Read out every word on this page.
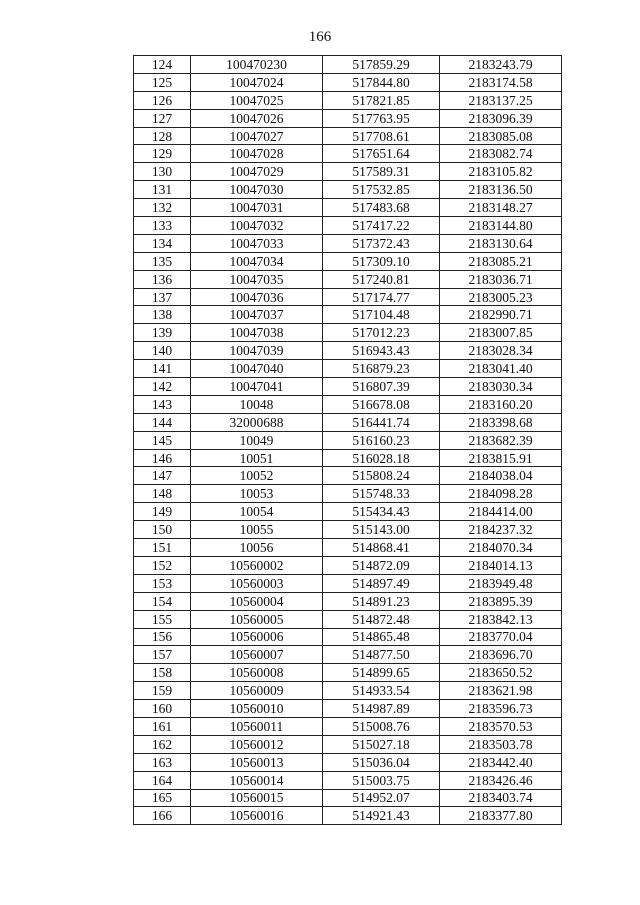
166
124	100470230	517859.29	2183243.79
125	10047024	517844.80	2183174.58
126	10047025	517821.85	2183137.25
127	10047026	517763.95	2183096.39
128	10047027	517708.61	2183085.08
129	10047028	517651.64	2183082.74
130	10047029	517589.31	2183105.82
131	10047030	517532.85	2183136.50
132	10047031	517483.68	2183148.27
133	10047032	517417.22	2183144.80
134	10047033	517372.43	2183130.64
135	10047034	517309.10	2183085.21
136	10047035	517240.81	2183036.71
137	10047036	517174.77	2183005.23
138	10047037	517104.48	2182990.71
139	10047038	517012.23	2183007.85
140	10047039	516943.43	2183028.34
141	10047040	516879.23	2183041.40
142	10047041	516807.39	2183030.34
143	10048	516678.08	2183160.20
144	32000688	516441.74	2183398.68
145	10049	516160.23	2183682.39
146	10051	516028.18	2183815.91
147	10052	515808.24	2184038.04
148	10053	515748.33	2184098.28
149	10054	515434.43	2184414.00
150	10055	515143.00	2184237.32
151	10056	514868.41	2184070.34
152	10560002	514872.09	2184014.13
153	10560003	514897.49	2183949.48
154	10560004	514891.23	2183895.39
155	10560005	514872.48	2183842.13
156	10560006	514865.48	2183770.04
157	10560007	514877.50	2183696.70
158	10560008	514899.65	2183650.52
159	10560009	514933.54	2183621.98
160	10560010	514987.89	2183596.73
161	10560011	515008.76	2183570.53
162	10560012	515027.18	2183503.78
163	10560013	515036.04	2183442.40
164	10560014	515003.75	2183426.46
165	10560015	514952.07	2183403.74
166	10560016	514921.43	2183377.80
